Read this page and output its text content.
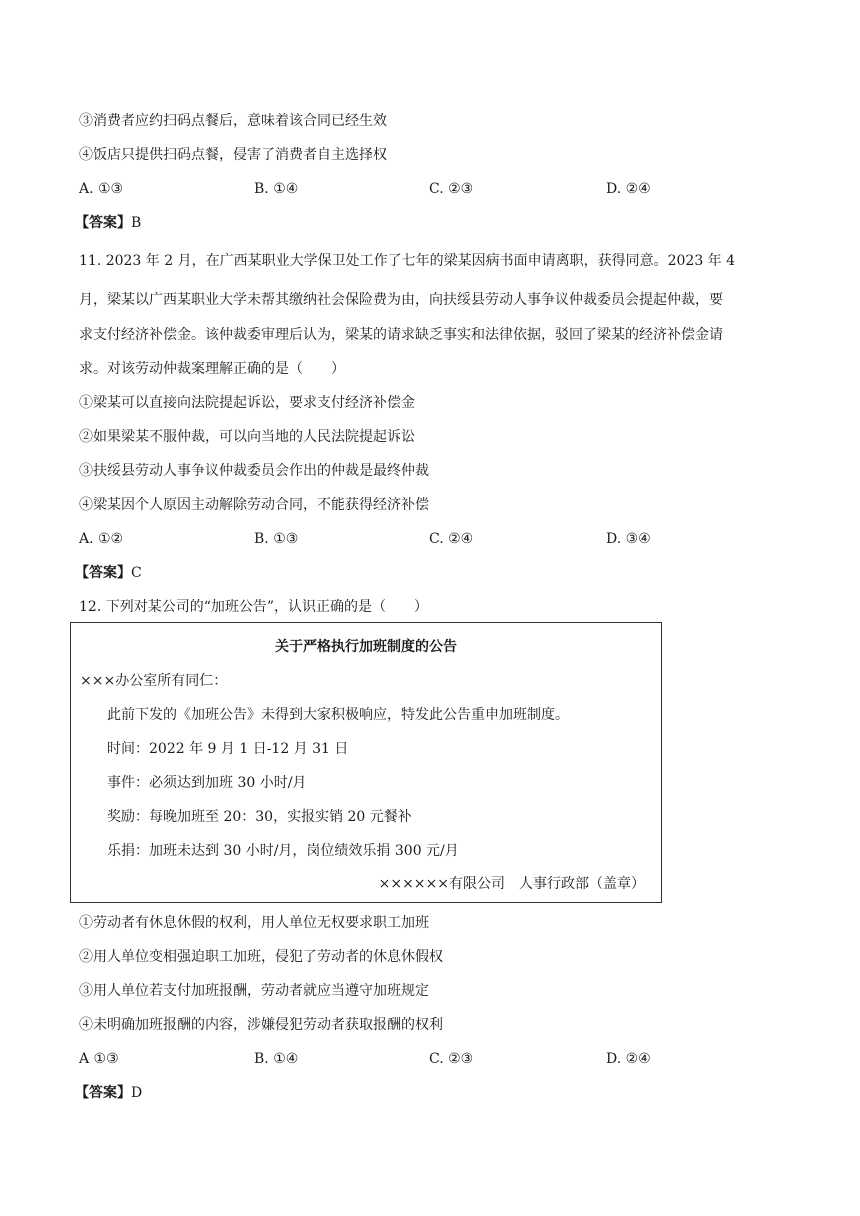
③消费者应约扫码点餐后，意味着该合同已经生效
④饭店只提供扫码点餐，侵害了消费者自主选择权
A. ①③	B. ①④	C. ②③	D. ②④
【答案】B
11. 2023 年 2 月，在广西某职业大学保卫处工作了七年的梁某因病书面申请离职，获得同意。2023 年 4
月，梁某以广西某职业大学未帮其缴纳社会保险费为由，向扶绥县劳动人事争议仲裁委员会提起仲裁，要
求支付经济补偿金。该仲裁委审理后认为，梁某的请求缺乏事实和法律依据，驳回了梁某的经济补偿金请
求。对该劳动仲裁案理解正确的是（　　）
①梁某可以直接向法院提起诉讼，要求支付经济补偿金
②如果梁某不服仲裁，可以向当地的人民法院提起诉讼
③扶绥县劳动人事争议仲裁委员会作出的仲裁是最终仲裁
④梁某因个人原因主动解除劳动合同，不能获得经济补偿
A. ①②	B. ①③	C. ②④	D. ③④
【答案】C
12. 下列对某公司的“加班公告”，认识正确的是（　　）
关于严格执行加班制度的公告
×××办公室所有同仁：
此前下发的《加班公告》未得到大家积极响应，特发此公告重申加班制度。
时间：2022 年 9 月 1 日-12 月 31 日
事件：必须达到加班 30 小时/月
奖励：每晚加班至 20：30，实报实销 20 元餐补
乐捐：加班未达到 30 小时/月，岗位绩效乐捐 300 元/月
××××××有限公司　人事行政部（盖章）
①劳动者有休息休假的权利，用人单位无权要求职工加班
②用人单位变相强迫职工加班，侵犯了劳动者的休息休假权
③用人单位若支付加班报酬，劳动者就应当遵守加班规定
④未明确加班报酬的内容，涉嫌侵犯劳动者获取报酬的权利
A ①③	B. ①④	C. ②③	D. ②④
【答案】D
